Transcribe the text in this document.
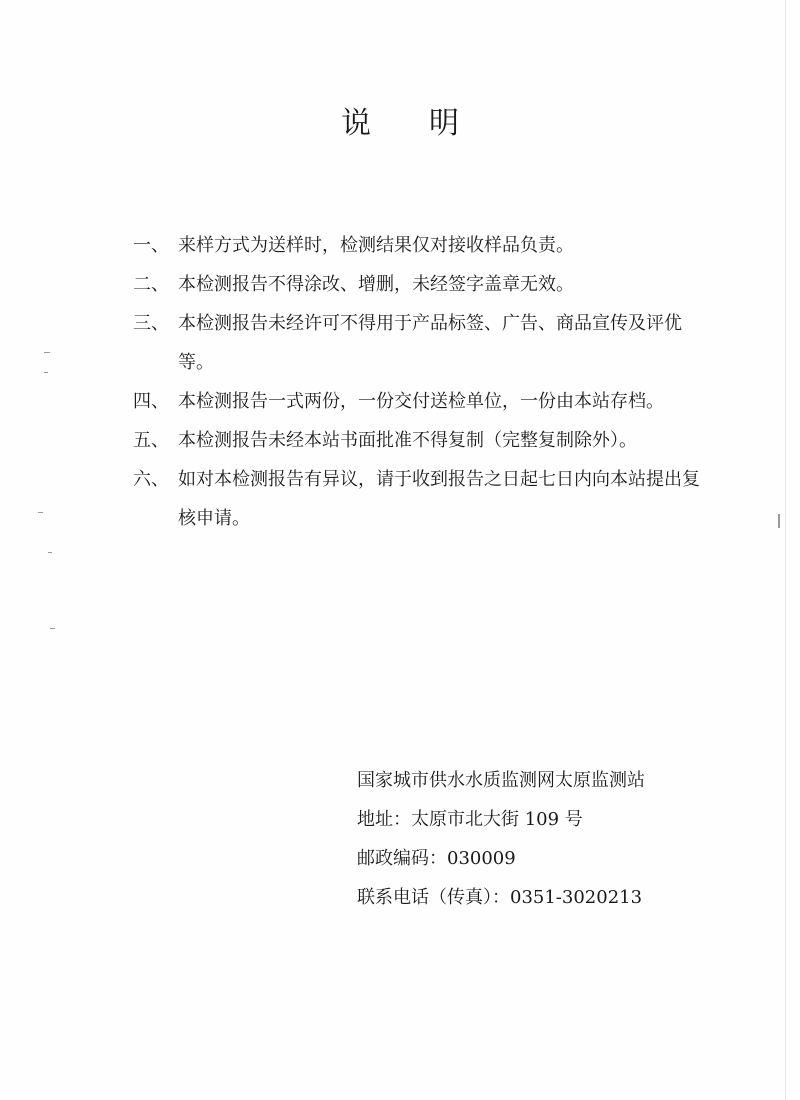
说 明
一、 来样方式为送样时，检测结果仅对接收样品负责。
二、 本检测报告不得涂改、增删，未经签字盖章无效。
三、 本检测报告未经许可不得用于产品标签、广告、商品宣传及评优等。
四、 本检测报告一式两份，一份交付送检单位，一份由本站存档。
五、 本检测报告未经本站书面批准不得复制（完整复制除外）。
六、 如对本检测报告有异议，请于收到报告之日起七日内向本站提出复核申请。
国家城市供水水质监测网太原监测站
地址：太原市北大街 109 号
邮政编码：030009
联系电话（传真）：0351-3020213
